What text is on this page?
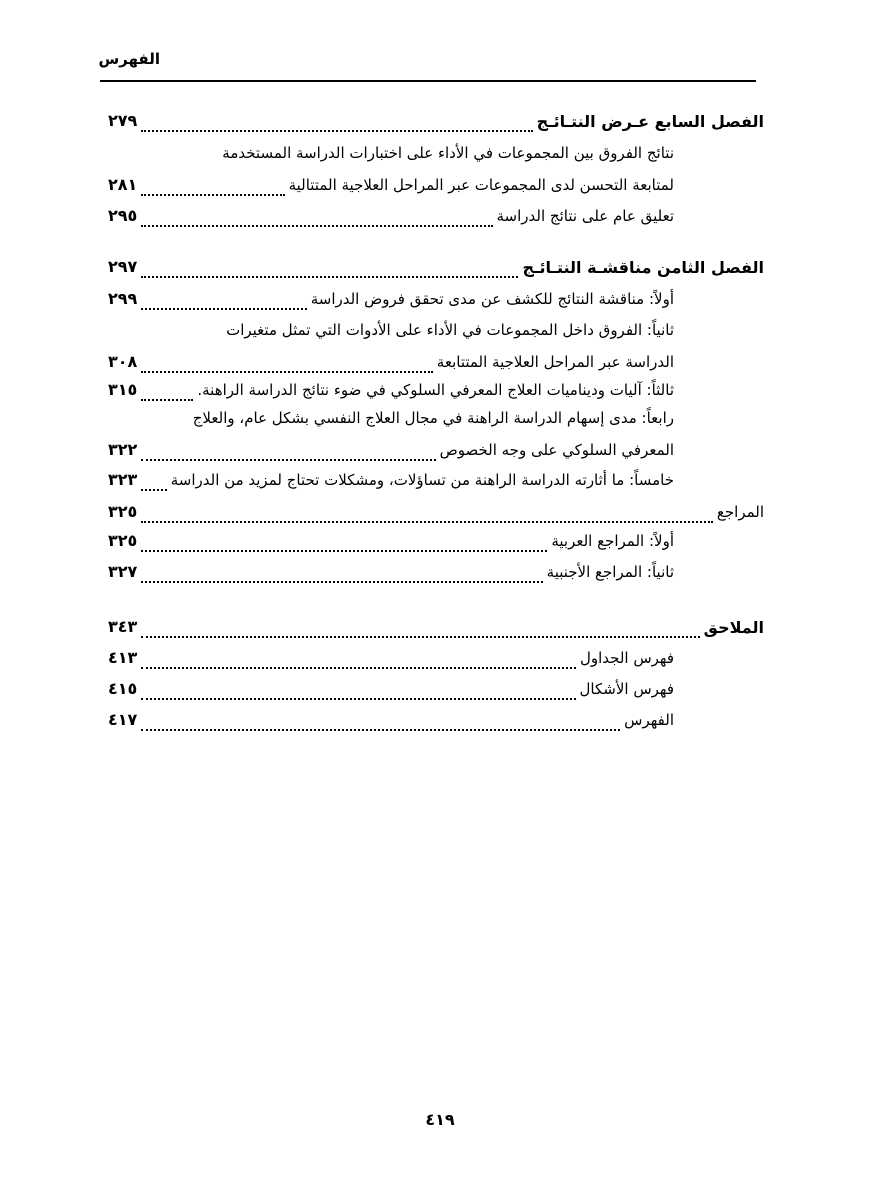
الفهرس
الفصل السابع عـرض النتـائـج
٢٧٩
نتائج الفروق بين المجموعات في الأداء على اختبارات الدراسة المستخدمة
لمتابعة التحسن لدى المجموعات عبر المراحل العلاجية المتتالية
٢٨١
تعليق عام على نتائج الدراسة
٢٩٥
الفصل الثامن مناقشـة النتـائـج
٢٩٧
أولاً: مناقشة النتائج للكشف عن مدى تحقق فروض الدراسة
٢٩٩
ثانياً: الفروق داخل المجموعات في الأداء على الأدوات التي تمثل متغيرات
الدراسة عبر المراحل العلاجية المتتابعة
٣٠٨
ثالثاً: آليات وديناميات العلاج المعرفي السلوكي في ضوء نتائج الدراسة الراهنة.
٣١٥
رابعاً: مدى إسهام الدراسة الراهنة في مجال العلاج النفسي بشكل عام، والعلاج
المعرفي السلوكي على وجه الخصوص
٣٢٢
خامساً: ما أثارته الدراسة الراهنة من تساؤلات، ومشكلات تحتاج لمزيد من الدراسة
٣٢٣
المراجع
٣٢٥
أولاً: المراجع العربية
٣٢٥
ثانياً: المراجع الأجنبية
٣٢٧
الملاحق
٣٤٣
فهرس الجداول
٤١٣
فهرس الأشكال
٤١٥
الفهرس
٤١٧
٤١٩
